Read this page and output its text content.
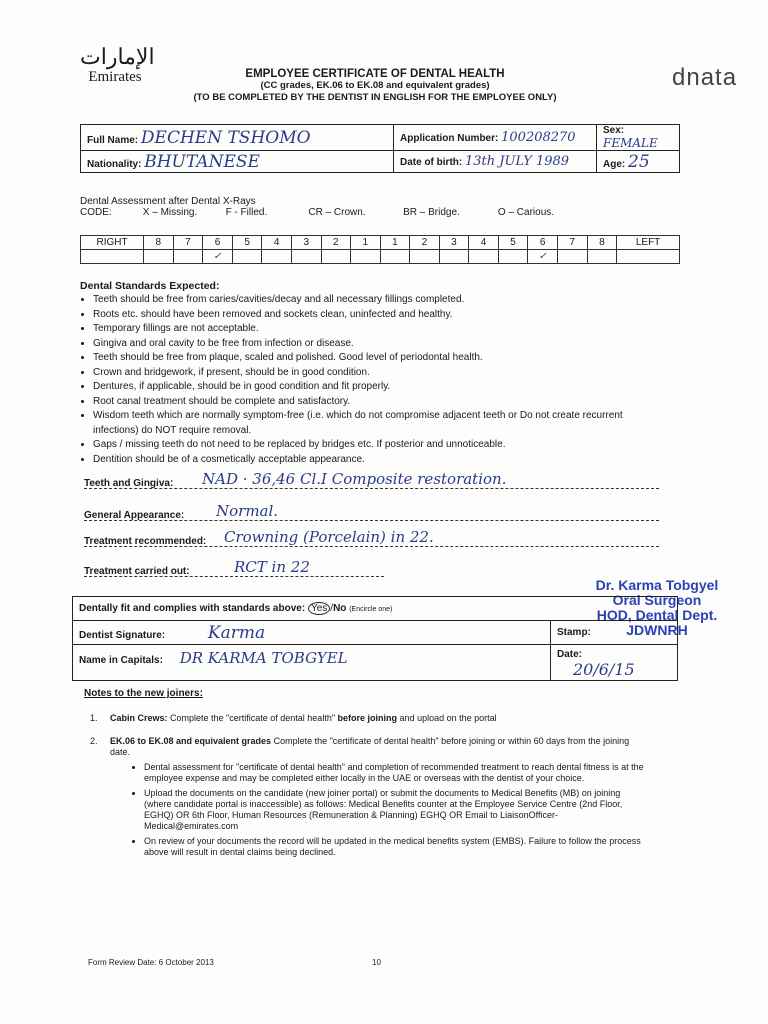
الإمارات
Emirates	dnata
EMPLOYEE CERTIFICATE OF DENTAL HEALTH
(CC grades, EK.06 to EK.08 and equivalent grades)
(TO BE COMPLETED BY THE DENTIST IN ENGLISH FOR THE EMPLOYEE ONLY)
Full Name: DECHEN TSHOMO	Application Number: 100208270	Sex: FEMALE
Nationality: BHUTANESE	Date of birth: 13th JULY 1989	Age: 25
Dental Assessment after Dental X-Rays
CODE:	X – Missing.	F - Filled.	CR – Crown.	BR – Bridge.	O – Carious.
RIGHT	8	7	6	5	4	3	2	1	1	2	3	4	5	6	7	8	LEFT
			✓											✓			
Dental Standards Expected:
• Teeth should be free from caries/cavities/decay and all necessary fillings completed.
• Roots etc. should have been removed and sockets clean, uninfected and healthy.
• Temporary fillings are not acceptable.
• Gingiva and oral cavity to be free from infection or disease.
• Teeth should be free from plaque, scaled and polished. Good level of periodontal health.
• Crown and bridgework, if present, should be in good condition.
• Dentures, if applicable, should be in good condition and fit properly.
• Root canal treatment should be complete and satisfactory.
• Wisdom teeth which are normally symptom-free (i.e. which do not compromise adjacent teeth or Do not create recurrent infections) do NOT require removal.
• Gaps / missing teeth do not need to be replaced by bridges etc. If posterior and unnoticeable.
• Dentition should be of a cosmetically acceptable appearance.
Teeth and Gingiva: NAD · 36,46 Cl.I Composite restoration.
General Appearance: Normal.
Treatment recommended: Crowning (Porcelain) in 22.
Treatment carried out:	RCT in 22
Dr. Karma Tobgyel
Oral Surgeon
HOD, Dental Dept.
JDWNRH
Dentally fit and complies with standards above: Yes /No (Encircle one)	
Dentist Signature: Karma	Stamp:
Name in Capitals: DR KARMA TOBGYEL	Date:
20/6/15
Notes to the new joiners:
1. Cabin Crews: Complete the "certificate of dental health" before joining and upload on the portal
2. EK.06 to EK.08 and equivalent grades Complete the "certificate of dental health" before joining or within 60 days from the joining date.
• Dental assessment for "certificate of dental health" and completion of recommended treatment to reach dental fitness is at the employee expense and may be completed either locally in the UAE or overseas with the dentist of your choice.
• Upload the documents on the candidate (new joiner portal) or submit the documents to Medical Benefits (MB) on joining (where candidate portal is inaccessible) as follows: Medical Benefits counter at the Employee Service Centre (2nd Floor, EGHQ) OR 6th Floor, Human Resources (Remuneration & Planning) EGHQ OR Email to LiaisonOfficer-Medical@emirates.com
• On review of your documents the record will be updated in the medical benefits system (EMBS). Failure to follow the process above will result in dental claims being declined.
Form Review Date: 6 October 2013	10
